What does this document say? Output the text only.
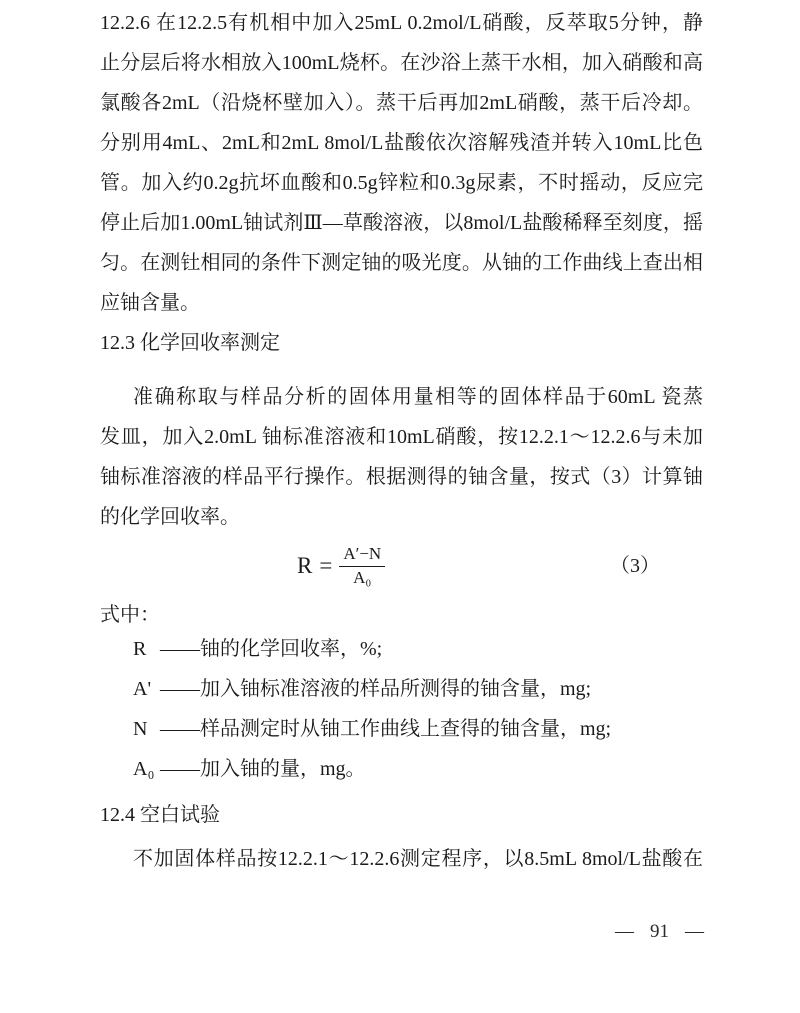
12.2.6 在12.2.5有机相中加入25mL 0.2mol/L硝酸，反萃取5分钟，静
止分层后将水相放入100mL烧杯。在沙浴上蒸干水相，加入硝酸和高
氯酸各2mL（沿烧杯壁加入）。蒸干后再加2mL硝酸，蒸干后冷却。
分别用4mL、2mL和2mL 8mol/L盐酸依次溶解残渣并转入10mL比色
管。加入约0.2g抗坏血酸和0.5g锌粒和0.3g尿素，不时摇动，反应完
停止后加1.00mL铀试剂Ⅲ—草酸溶液，以8mol/L盐酸稀释至刻度，摇
匀。在测钍相同的条件下测定铀的吸光度。从铀的工作曲线上查出相
应铀含量。
12.3 化学回收率测定
准确称取与样品分析的固体用量相等的固体样品于60mL 瓷蒸
发皿，加入2.0mL 铀标准溶液和10mL硝酸，按12.2.1～12.2.6与未加
铀标准溶液的样品平行操作。根据测得的铀含量，按式（3）计算铀
的化学回收率。
$R = \frac{A'-N}{\text{A₀}}$	（3）
式中：
R ——铀的化学回收率，%;
A' ——加入铀标准溶液的样品所测得的铀含量，mg;
N ——样品测定时从铀工作曲线上查得的铀含量，mg;
A₀ ——加入铀的量，mg。
12.4 空白试验
不加固体样品按12.2.1～12.2.6测定程序，以8.5mL 8mol/L盐酸在
— 91 —
